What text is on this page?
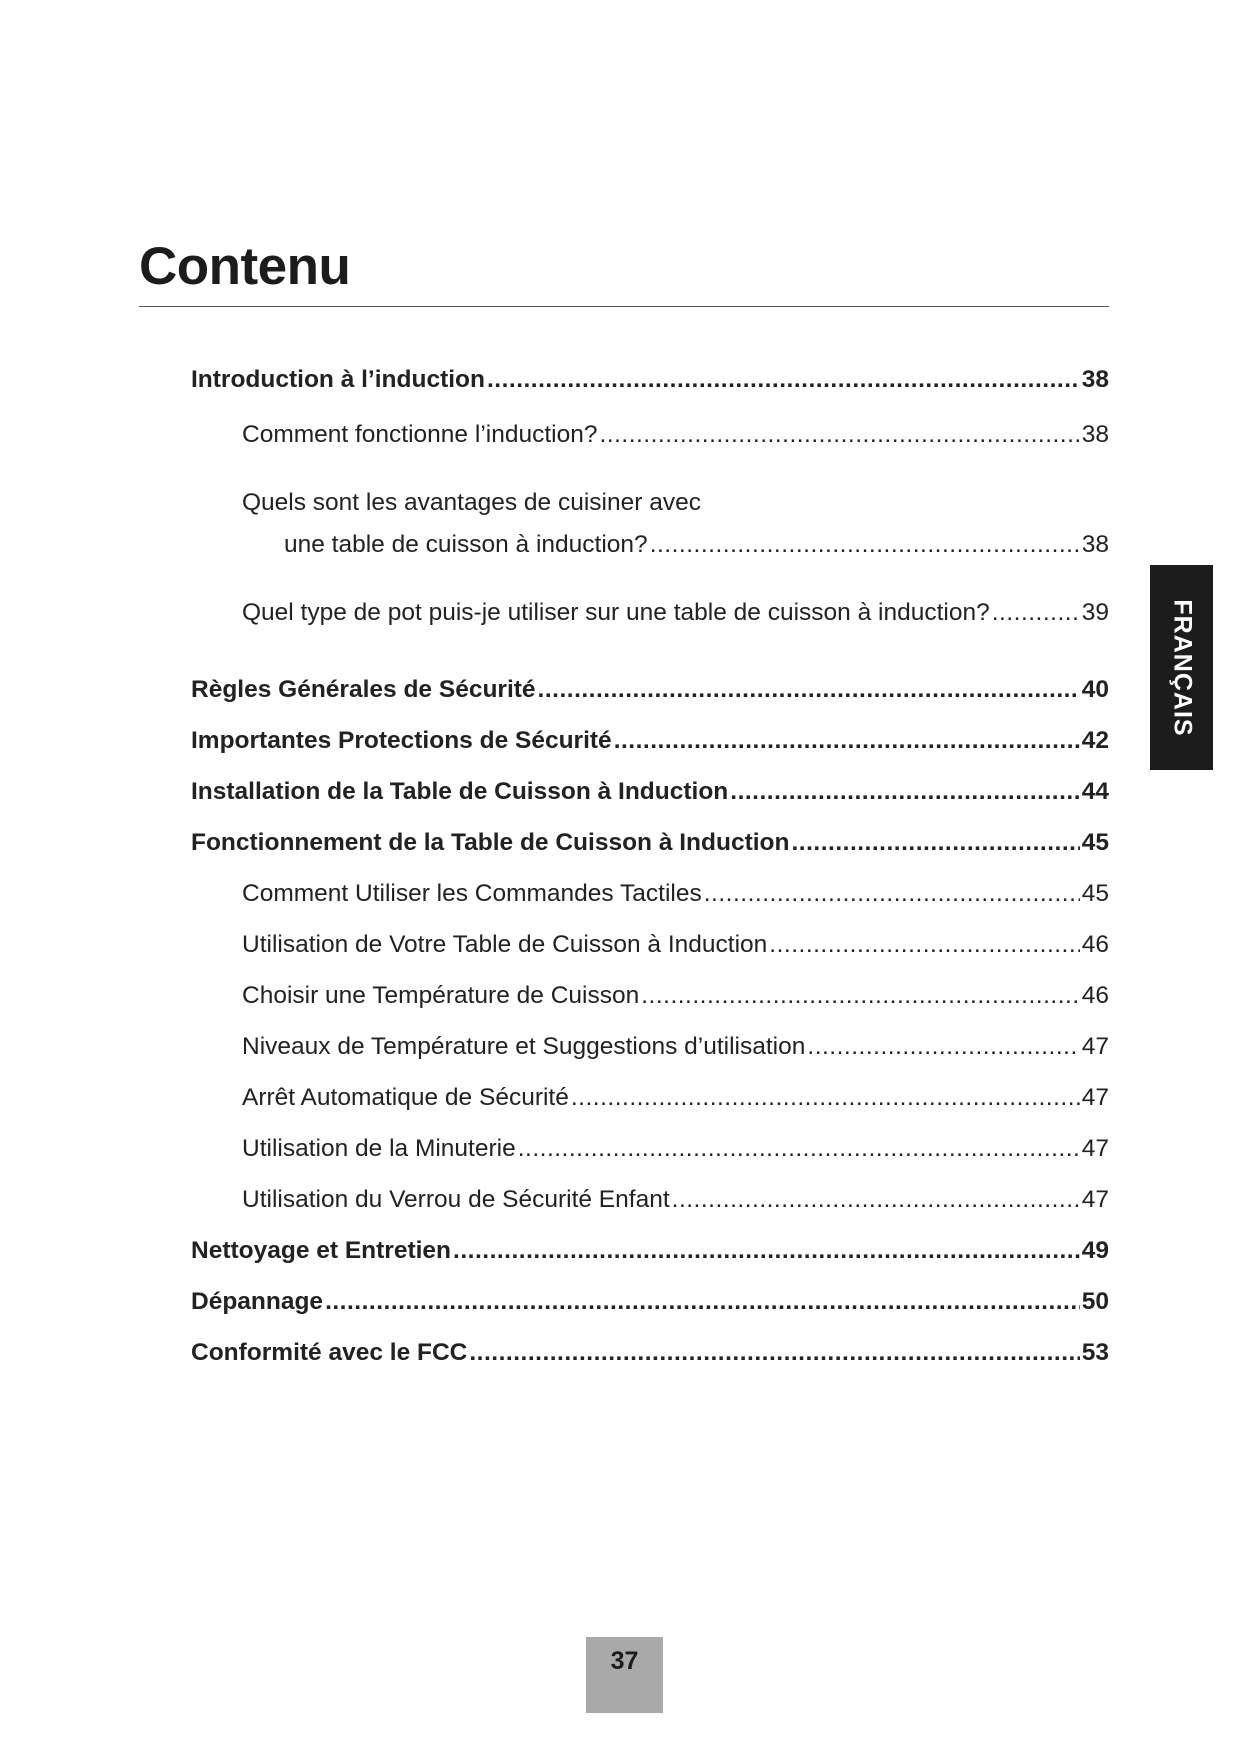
Contenu
Introduction à l’induction .....	38
Comment fonctionne l’induction? .....	38
Quels sont les avantages de cuisiner avec
une table de cuisson à induction? .....	38
Quel type de pot puis-je utiliser sur une table de cuisson à induction? .....	39
Règles Générales de Sécurité .....	40
Importantes Protections de Sécurité .....	42
Installation de la Table de Cuisson à Induction .....	44
Fonctionnement de la Table de Cuisson à Induction .....	45
Comment Utiliser les Commandes Tactiles .....	45
Utilisation de Votre Table de Cuisson à Induction .....	46
Choisir une Température de Cuisson .....	46
Niveaux de Température et Suggestions d’utilisation .....	47
Arrêt Automatique de Sécurité .....	47
Utilisation de la Minuterie .....	47
Utilisation du Verrou de Sécurité Enfant .....	47
Nettoyage et Entretien .....	49
Dépannage .....	50
Conformité avec le FCC .....	53
FRANÇAIS
37
